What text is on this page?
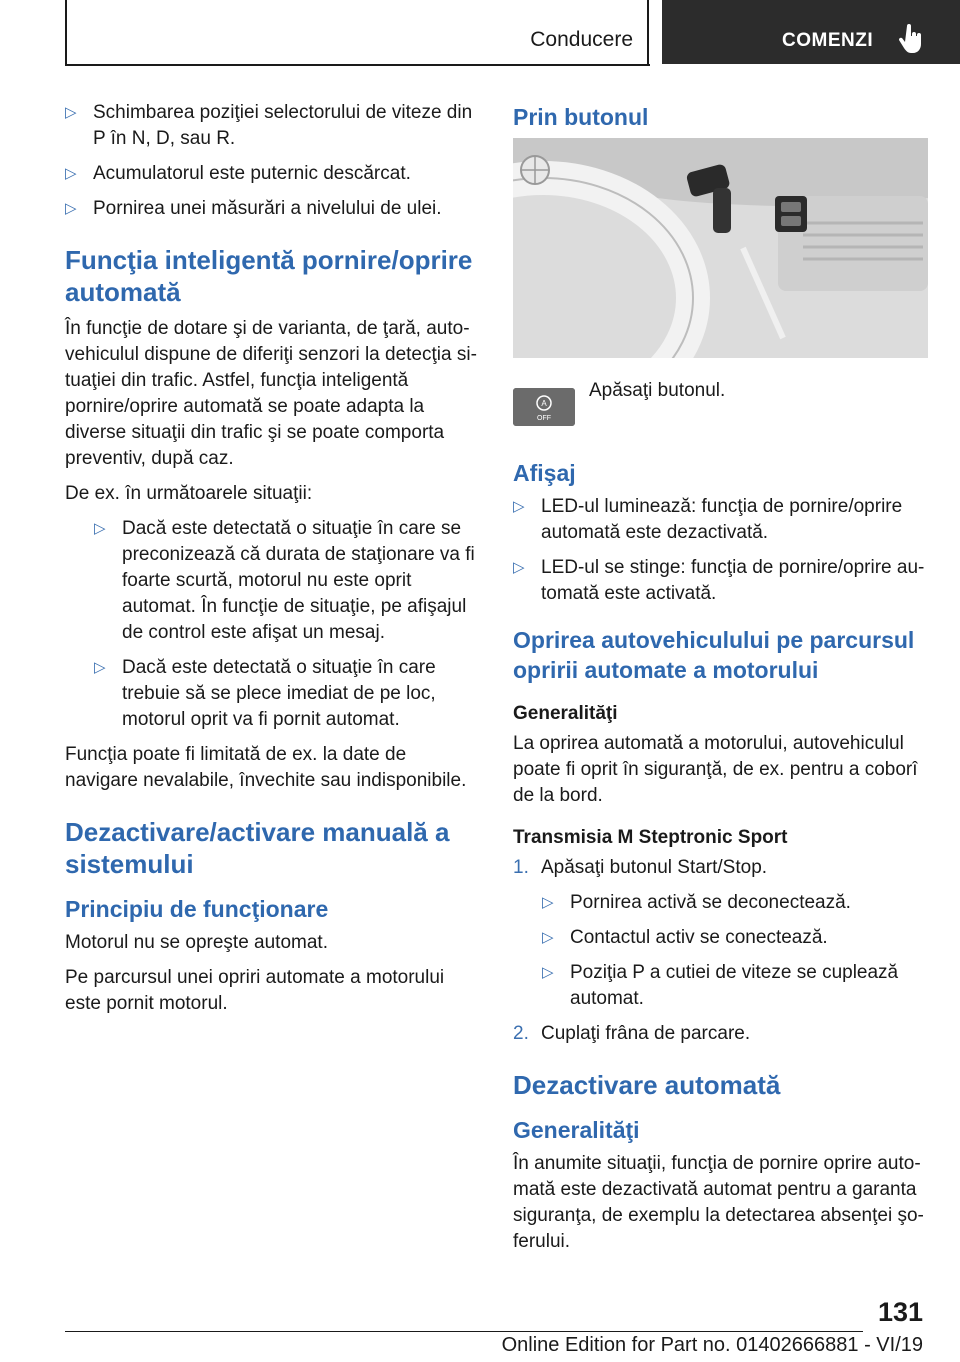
Conducere	COMENZI
▷ Schimbarea poziţiei selectorului de viteze din P în N, D, sau R.
▷ Acumulatorul este puternic descărcat.
▷ Pornirea unei măsurări a nivelului de ulei.
Funcţia inteligentă pornire/oprire automată

În funcţie de dotare şi de varianta, de ţară, autovehiculul dispune de diferiţi senzori la detecţia situaţiei din trafic. Astfel, funcţia inteligentă pornire/oprire automată se poate adapta la diverse situaţii din trafic şi se poate comporta preventiv, după caz.

De ex. în următoarele situaţii:

▷ Dacă este detectată o situaţie în care se preconizează că durata de staţionare va fi foarte scurtă, motorul nu este oprit automat. În funcţie de situaţie, pe afişajul de control este afişat un mesaj.
▷ Dacă este detectată o situaţie în care trebuie să se plece imediat de pe loc, motorul oprit va fi pornit automat.

Funcţia poate fi limitată de ex. la date de navigare nevalabile, învechite sau indisponibile.

Dezactivare/activare manuală a sistemului
Principiu de funcţionare

Motorul nu se opreşte automat.

Pe parcursul unei opriri automate a motorului este pornit motorul.

Prin butonul
A
OFF
Apăsaţi butonul.
Afişaj
▷ LED-ul luminează: funcţia de pornire/oprire automată este dezactivată.
▷ LED-ul se stinge: funcţia de pornire/oprire automată este activată.
Oprirea autovehiculului pe parcursul opririi automate a motorului
Generalităţi

La oprirea automată a motorului, autovehiculul poate fi oprit în siguranţă, de ex. pentru a coborî de la bord.

Transmisia M Steptronic Sport
1. Apăsaţi butonul Start/Stop.
▷ Pornirea activă se deconectează.
▷ Contactul activ se conectează.
▷ Poziţia P a cutiei de viteze se cuplează automat.
2. Cuplaţi frâna de parcare.
Dezactivare automată
Generalităţi

În anumite situaţii, funcţia de pornire oprire automată este dezactivată automat pentru a garanta siguranţa, de exemplu la detectarea absenţei şoferului.

131
Online Edition for Part no. 01402666881 - VI/19
